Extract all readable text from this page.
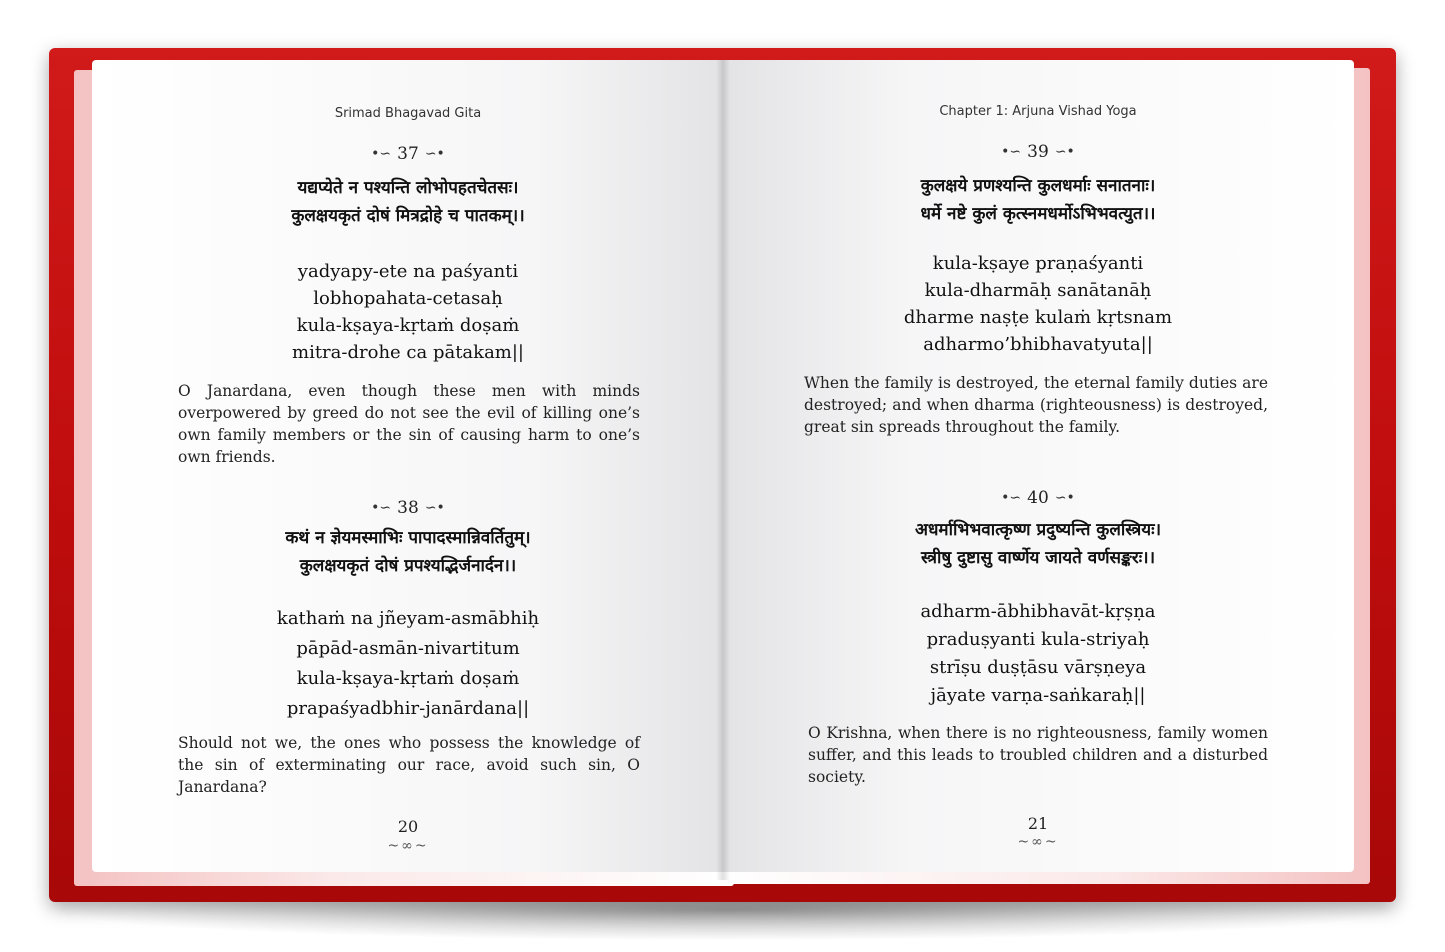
Srimad Bhagavad Gita
•∽ 37 ∽•
यद्यप्येते न पश्यन्ति लोभोपहतचेतसः।
कुलक्षयकृतं दोषं मित्रद्रोहे च पातकम्।।
yadyapy-ete na paśyanti
lobhopahata-cetasaḥ
kula-kṣaya-kṛtaṁ doṣaṁ
mitra-drohe ca pātakam||
O Janardana, even though these men with minds overpowered by greed do not see the evil of killing one’s own family members or the sin of causing harm to one’s own friends.
•∽ 38 ∽•
कथं न ज्ञेयमस्माभिः पापादस्मान्निवर्तितुम्।
कुलक्षयकृतं दोषं प्रपश्यद्भिर्जनार्दन।।
kathaṁ na jñeyam-asmābhiḥ
pāpād-asmān-nivartitum
kula-kṣaya-kṛtaṁ doṣaṁ
prapaśyadbhir-janārdana||
Should not we, the ones who possess the knowledge of the sin of exterminating our race, avoid such sin, O Janardana?
20
~∞~
Chapter 1: Arjuna Vishad Yoga
•∽ 39 ∽•
कुलक्षये प्रणश्यन्ति कुलधर्माः सनातनाः।
धर्मे नष्टे कुलं कृत्स्नमधर्मोऽभिभवत्युत।।
kula-kṣaye praṇaśyanti
kula-dharmāḥ sanātanāḥ
dharme naṣṭe kulaṁ kṛtsnam
adharmo’bhibhavatyuta||
When the family is destroyed, the eternal family duties are destroyed; and when dharma (righteousness) is destroyed, great sin spreads throughout the family.
•∽ 40 ∽•
अधर्माभिभवात्कृष्ण प्रदुष्यन्ति कुलस्त्रियः।
स्त्रीषु दुष्टासु वार्ष्णेय जायते वर्णसङ्करः।।
adharm-ābhibhavāt-kṛṣṇa
praduṣyanti kula-striyaḥ
strīṣu duṣṭāsu vārṣṇeya
jāyate varṇa-saṅkaraḥ||
O Krishna, when there is no righteousness, family women suffer, and this leads to troubled children and a disturbed society.
21
~∞~
